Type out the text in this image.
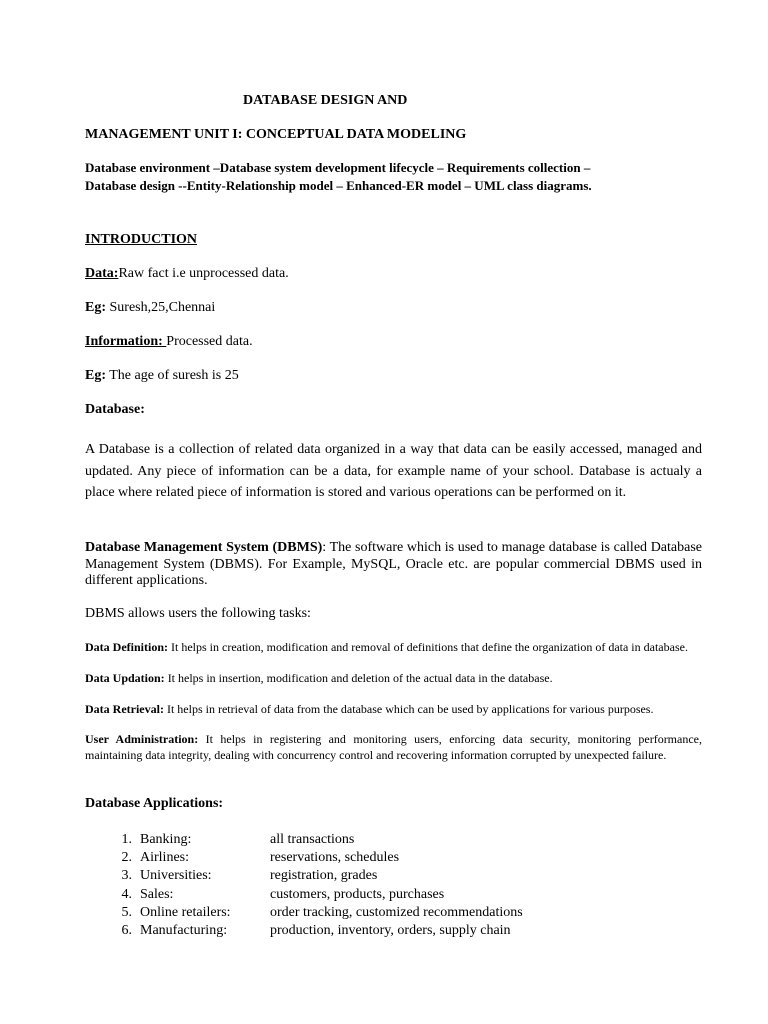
DATABASE DESIGN AND
MANAGEMENT UNIT I: CONCEPTUAL DATA MODELING
Database environment –Database system development lifecycle – Requirements collection –
Database design --Entity-Relationship model – Enhanced-ER model – UML class diagrams.
INTRODUCTION
Data:Raw fact i.e unprocessed data.
Eg: Suresh,25,Chennai
Information: Processed data.
Eg: The age of suresh is 25
Database:
A Database is a collection of related data organized in a way that data can be easily accessed, managed and updated. Any piece of information can be a data, for example name of your school. Database is actualy a place where related piece of information is stored and various operations can be performed on it.
Database Management System (DBMS): The software which is used to manage database is called Database Management System (DBMS). For Example, MySQL, Oracle etc. are popular commercial DBMS used in different applications.
DBMS allows users the following tasks:
Data Definition: It helps in creation, modification and removal of definitions that define the organization of data in database.
Data Updation: It helps in insertion, modification and deletion of the actual data in the database.
Data Retrieval: It helps in retrieval of data from the database which can be used by applications for various purposes.
User Administration: It helps in registering and monitoring users, enforcing data security, monitoring performance, maintaining data integrity, dealing with concurrency control and recovering information corrupted by unexpected failure.
Database Applications:
1. Banking:	all transactions
2. Airlines:	reservations, schedules
3. Universities:	registration, grades
4. Sales:	customers, products, purchases
5. Online retailers:	order tracking, customized recommendations
6. Manufacturing:	production, inventory, orders, supply chain
